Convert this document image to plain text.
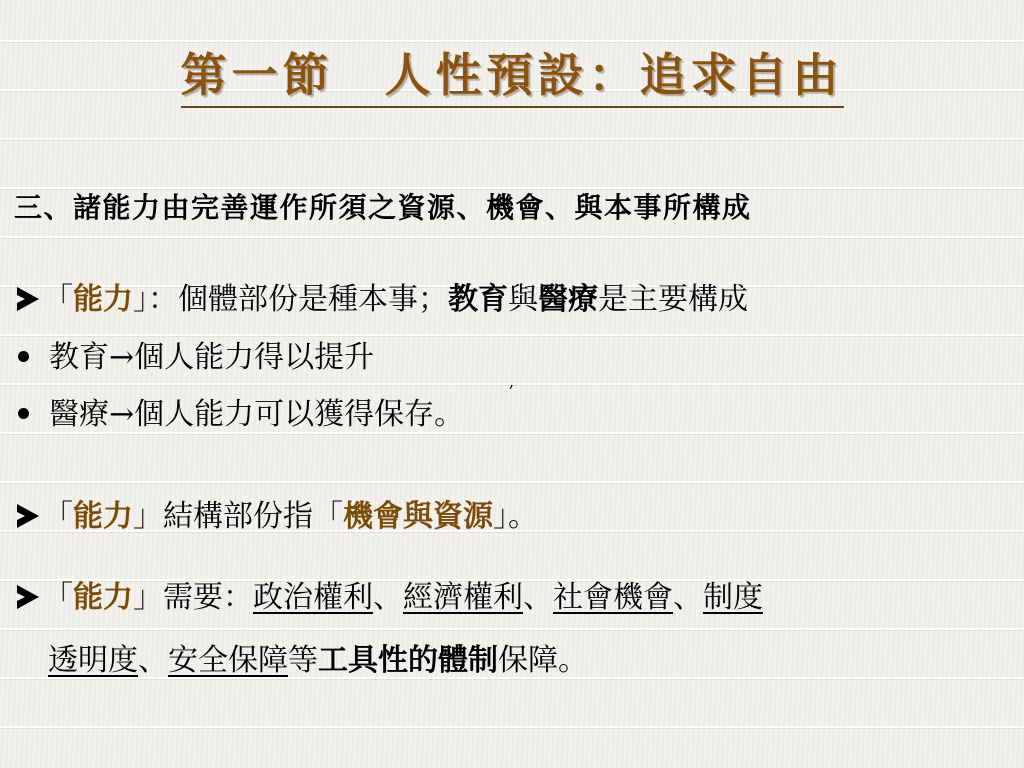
第一節　人性預設：追求自由
三、諸能力由完善運作所須之資源、機會、與本事所構成
「能力」：個體部份是種本事；教育與醫療是主要構成
教育→個人能力得以提升
,
醫療→個人能力可以獲得保存。
「能力」結構部份指「機會與資源」。
「能力」需要：政治權利、經濟權利、社會機會、制度
透明度、安全保障等工具性的體制保障。
